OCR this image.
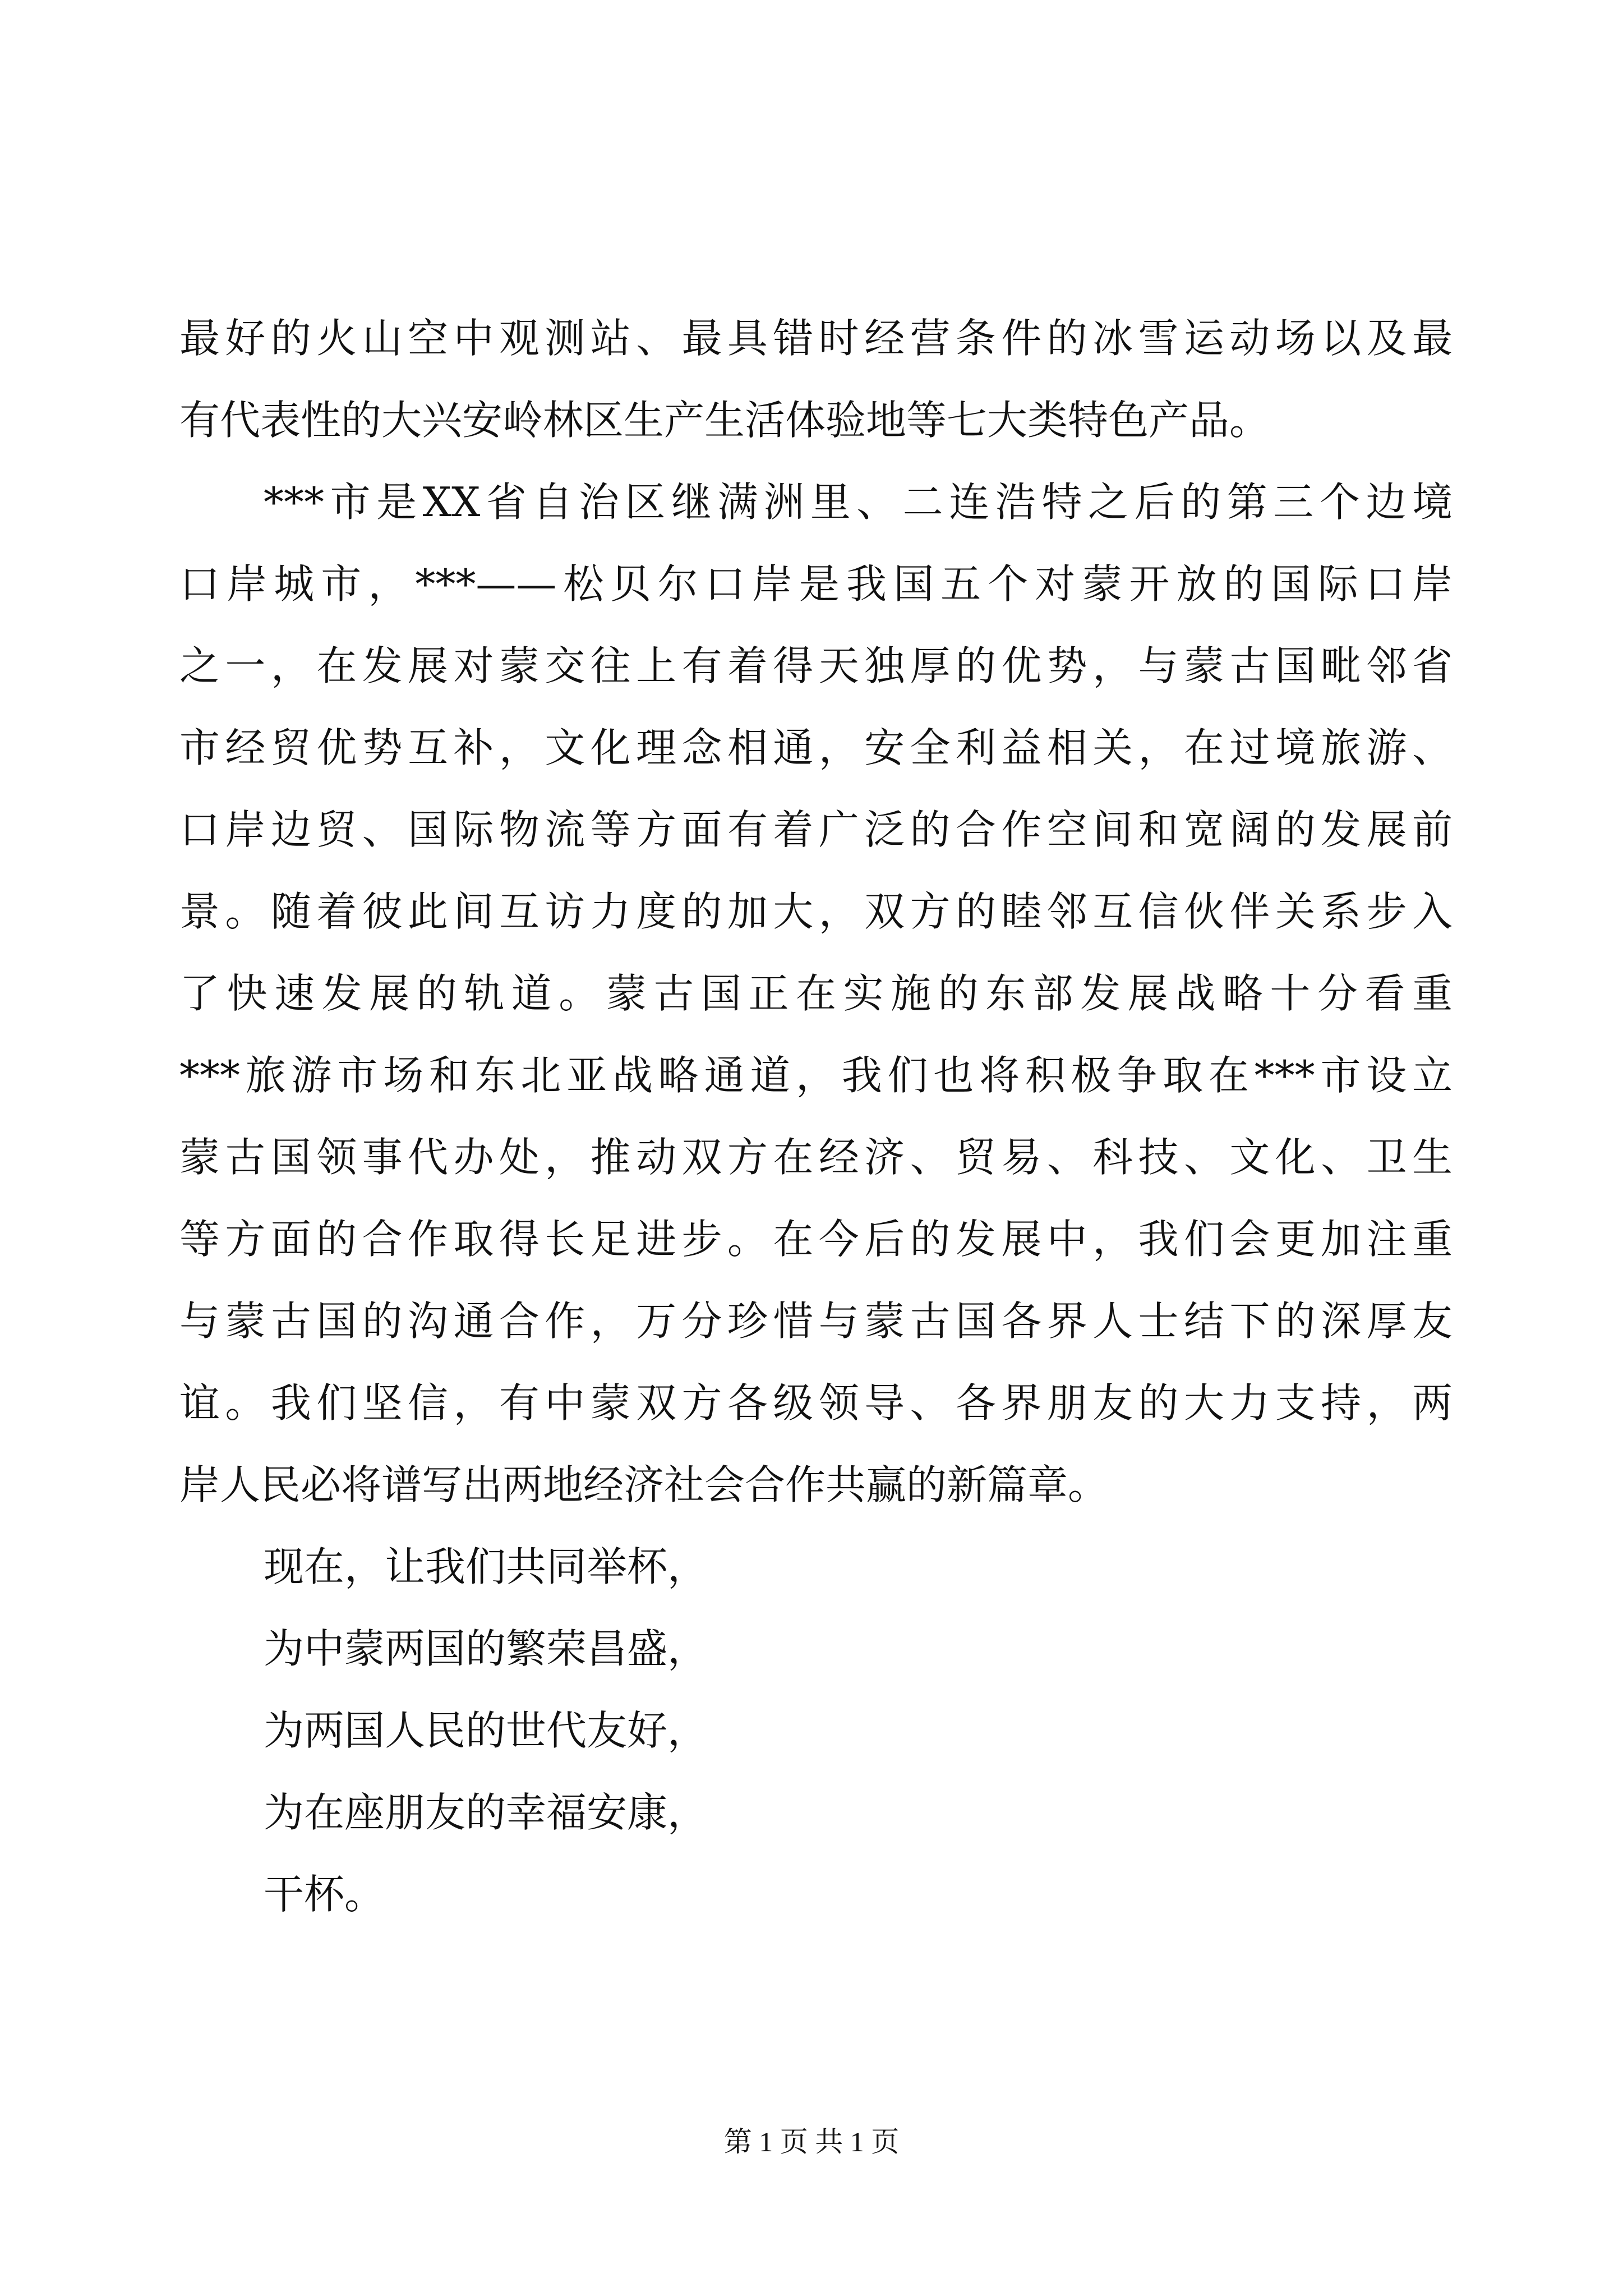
最好的火山空中观测站、最具错时经营条件的冰雪运动场以及最
有代表性的大兴安岭林区生产生活体验地等七大类特色产品。
***市是XX省自治区继满洲里、二连浩特之后的第三个边境
口岸城市，***——松贝尔口岸是我国五个对蒙开放的国际口岸
之一，在发展对蒙交往上有着得天独厚的优势，与蒙古国毗邻省
市经贸优势互补，文化理念相通，安全利益相关，在过境旅游、
口岸边贸、国际物流等方面有着广泛的合作空间和宽阔的发展前
景。随着彼此间互访力度的加大，双方的睦邻互信伙伴关系步入
了快速发展的轨道。蒙古国正在实施的东部发展战略十分看重
***旅游市场和东北亚战略通道，我们也将积极争取在***市设立
蒙古国领事代办处，推动双方在经济、贸易、科技、文化、卫生
等方面的合作取得长足进步。在今后的发展中，我们会更加注重
与蒙古国的沟通合作，万分珍惜与蒙古国各界人士结下的深厚友
谊。我们坚信，有中蒙双方各级领导、各界朋友的大力支持，两
岸人民必将谱写出两地经济社会合作共赢的新篇章。
现在，让我们共同举杯，
为中蒙两国的繁荣昌盛，
为两国人民的世代友好，
为在座朋友的幸福安康，
干杯。
第 1 页 共 1 页
